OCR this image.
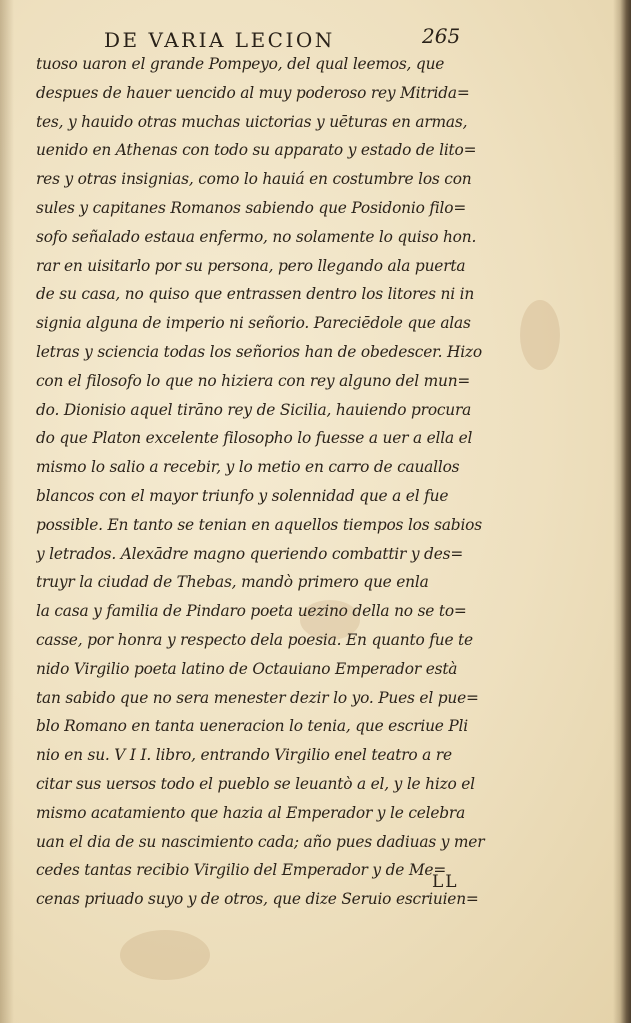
DE VARIA LECION	265
tuoso uaron el grande Pompeyo, del qual leemos, que
despues de hauer uencido al muy poderoso rey Mitrida=
tes, y hauido otras muchas uictorias y uēturas en armas,
uenido en Athenas con todo su apparato y estado de lito=
res y otras insignias, como lo hauiá en costumbre los con
sules y capitanes Romanos sabiendo que Posidonio filo=
sofo señalado estaua enfermo, no solamente lo quiso hon.
rar en uisitarlo por su persona, pero llegando ala puerta
de su casa, no quiso que entrassen dentro los litores ni in
signia alguna de imperio ni señorio. Pareciēdole que alas
letras y sciencia todas los señorios han de obedescer. Hizo
con el filosofo lo que no hiziera con rey alguno del mun=
do. Dionisio aquel tirāno rey de Sicilia, hauiendo procura
do que Platon excelente filosopho lo fuesse a uer a ella el
mismo lo salio a recebir, y lo metio en carro de cauallos
blancos con el mayor triunfo y solennidad que a el fue
possible. En tanto se tenian en aquellos tiempos los sabios
y letrados. Alexādre magno queriendo combattir y des=
truyr la ciudad de Thebas, mandò primero que enla
la casa y familia de Pindaro poeta uezino della no se to=
casse, por honra y respecto dela poesia. En quanto fue te
nido Virgilio poeta latino de Octauiano Emperador està
tan sabido que no sera menester dezir lo yo. Pues el pue=
blo Romano en tanta ueneracion lo tenia, que escriue Pli
nio en su. V I I. libro, entrando Virgilio enel teatro a re
citar sus uersos todo el pueblo se leuantò a el, y le hizo el
mismo acatamiento que hazia al Emperador y le celebra
uan el dia de su nascimiento cada; año pues dadiuas y mer
cedes tantas recibio Virgilio del Emperador y de Me=
cenas priuado suyo y de otros, que dize Seruio escriuien=
LL
